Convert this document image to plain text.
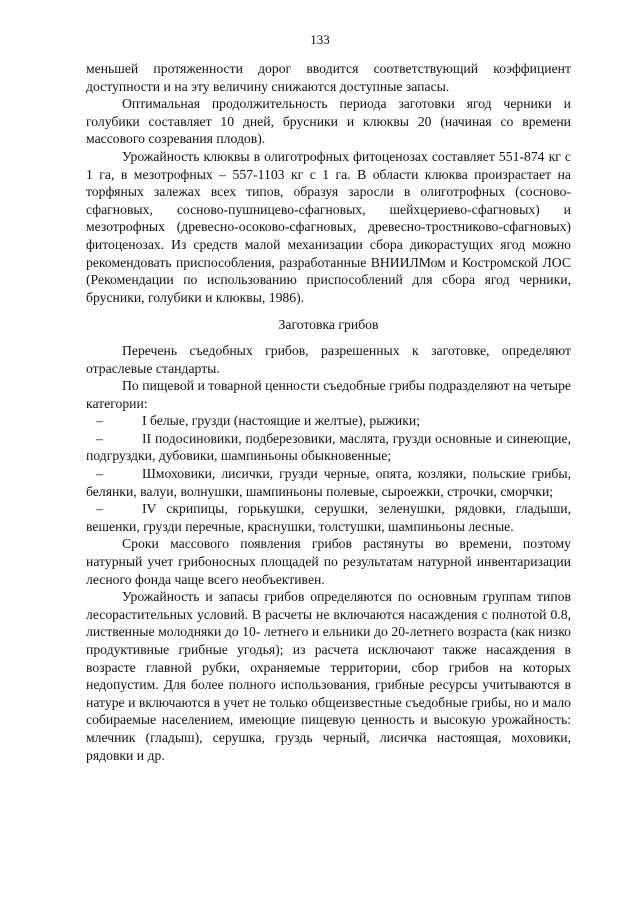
133

меньшей протяженности дорог вводится соответствующий коэффициент доступности и на эту величину снижаются доступные запасы.

Оптимальная продолжительность периода заготовки ягод черники и голубики составляет 10 дней, брусники и клюквы 20 (начиная со времени массового созревания плодов).

Урожайность клюквы в олиготрофных фитоценозах составляет 551-874 кг с 1 га, в мезотрофных – 557-1103 кг с 1 га. В области клюква произрастает на торфяных залежах всех типов, образуя заросли в олиготрофных (сосново-сфагновых, сосново-пушницево-сфагновых, шейхцериево-сфагновых) и мезотрофных (древесно-осоково-сфагновых, древесно-тростниково-сфагновых) фитоценозах. Из средств малой механизации сбора дикорастущих ягод можно рекомендовать приспособления, разработанные ВНИИЛМом и Костромской ЛОС (Рекомендации по использованию приспособлений для сбора ягод черники, брусники, голубики и клюквы, 1986).

Заготовка грибов

Перечень съедобных грибов, разрешенных к заготовке, определяют отраслевые стандарты.

По пищевой и товарной ценности съедобные грибы подразделяют на четыре категории:

–	I белые, грузди (настоящие и желтые), рыжики;

–	II подосиновики, подберезовики, маслята, грузди основные и синеющие, подгруздки, дубовики, шампиньоны обыкновенные;

–	Шмоховики, лисички, грузди черные, опята, козляки, польские грибы, белянки, валуи, волнушки, шампиньоны полевые, сыроежки, строчки, сморчки;

–	IV скрипицы, горькушки, серушки, зеленушки, рядовки, гладыши, вешенки, грузди перечные, краснушки, толстушки, шампиньоны лесные.

Сроки массового появления грибов растянуты во времени, поэтому натурный учет грибоносных площадей по результатам натурной инвентаризации лесного фонда чаще всего необъективен.

Урожайность и запасы грибов определяются по основным группам типов лесорастительных условий. В расчеты не включаются насаждения с полнотой 0.8, лиственные молодняки до 10- летнего и ельники до 20-летнего возраста (как низко продуктивные грибные угодья); из расчета исключают также насаждения в возрасте главной рубки, охраняемые территории, сбор грибов на которых недопустим. Для более полного использования, грибные ресурсы учитываются в натуре и включаются в учет не только общеизвестные съедобные грибы, но и мало собираемые населением, имеющие пищевую ценность и высокую урожайность: млечник (гладыш), серушка, груздь черный, лисичка настоящая, моховики, рядовки и др.
